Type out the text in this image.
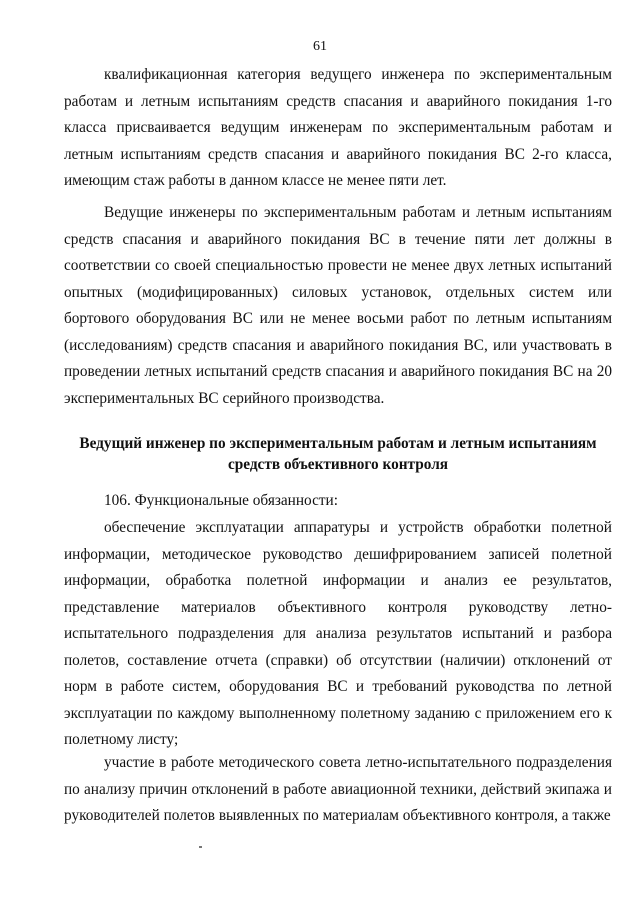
61

квалификационная категория ведущего инженера по экспериментальным работам и летным испытаниям средств спасания и аварийного покидания 1-го класса присваивается ведущим инженерам по экспериментальным работам и летным испытаниям средств спасания и аварийного покидания ВС 2-го класса, имеющим стаж работы в данном классе не менее пяти лет.

Ведущие инженеры по экспериментальным работам и летным испытаниям средств спасания и аварийного покидания ВС в течение пяти лет должны в соответствии со своей специальностью провести не менее двух летных испытаний опытных (модифицированных) силовых установок, отдельных систем или бортового оборудования ВС или не менее восьми работ по летным испытаниям (исследованиям) средств спасания и аварийного покидания ВС, или участвовать в проведении летных испытаний средств спасания и аварийного покидания ВС на 20 экспериментальных ВС серийного производства.

Ведущий инженер по экспериментальным работам и летным испытаниям
средств объективного контроля

106. Функциональные обязанности:

обеспечение эксплуатации аппаратуры и устройств обработки полетной информации, методическое руководство дешифрированием записей полетной информации, обработка полетной информации и анализ ее результатов, представление материалов объективного контроля руководству летно-испытательного подразделения для анализа результатов испытаний и разбора полетов, составление отчета (справки) об отсутствии (наличии) отклонений от норм в работе систем, оборудования ВС и требований руководства по летной эксплуатации по каждому выполненному полетному заданию с приложением его к полетному листу;

участие в работе методического совета летно-испытательного подразделения по анализу причин отклонений в работе авиационной техники, действий экипажа и руководителей полетов выявленных по материалам объективного контроля, а также
